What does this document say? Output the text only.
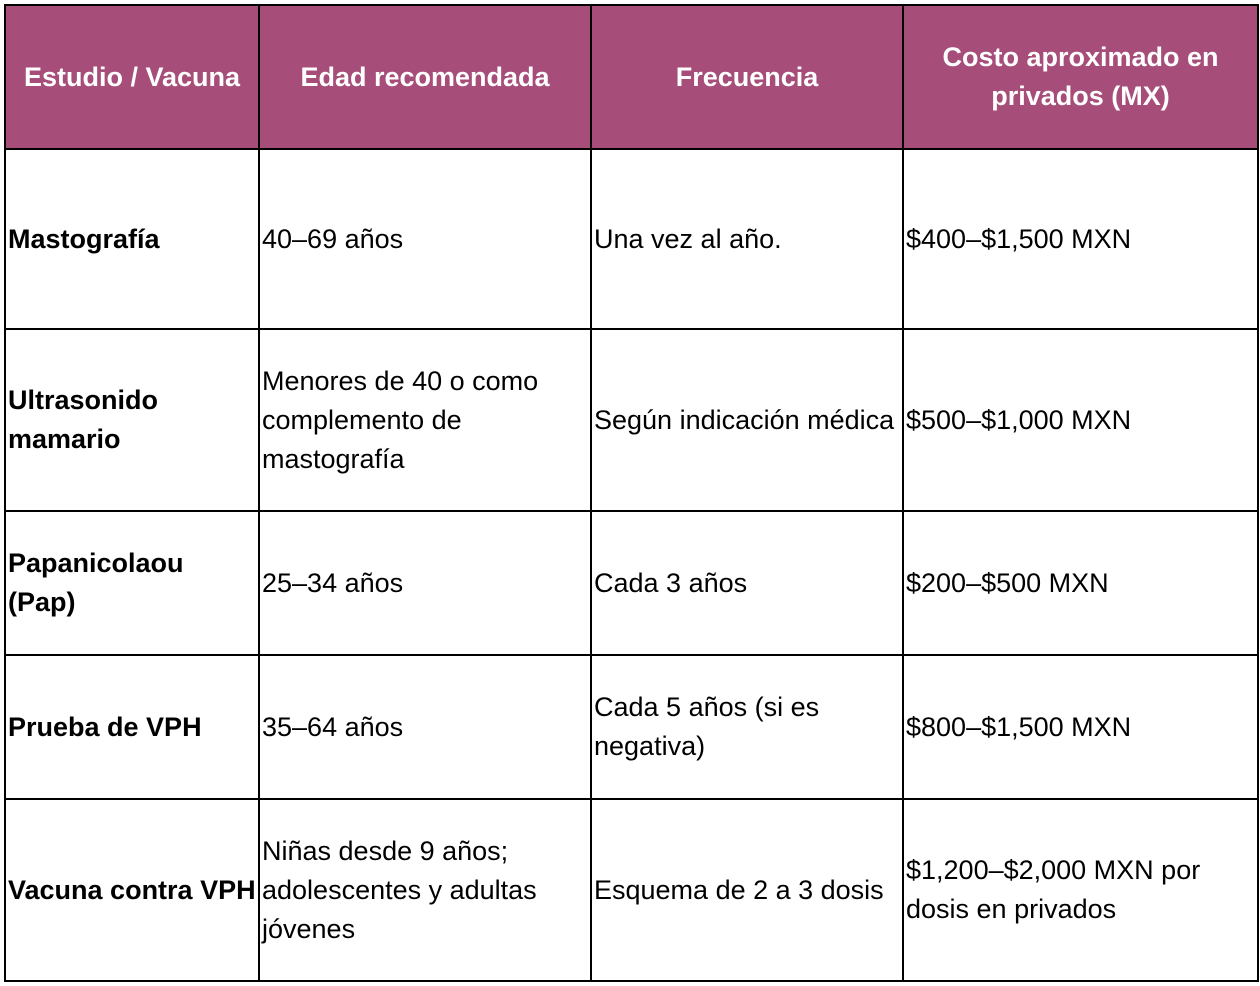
Estudio / Vacuna	Edad recomendada	Frecuencia	Costo aproximado en privados (MX)
Mastografía	40–69 años	Una vez al año.	$400–$1,500 MXN
Ultrasonido mamario	Menores de 40 o como complemento de mastografía	Según indicación médica	$500–$1,000 MXN
Papanicolaou (Pap)	25–34 años	Cada 3 años	$200–$500 MXN
Prueba de VPH	35–64 años	Cada 5 años (si es negativa)	$800–$1,500 MXN
Vacuna contra VPH	Niñas desde 9 años; adolescentes y adultas jóvenes	Esquema de 2 a 3 dosis	$1,200–$2,000 MXN por dosis en privados
